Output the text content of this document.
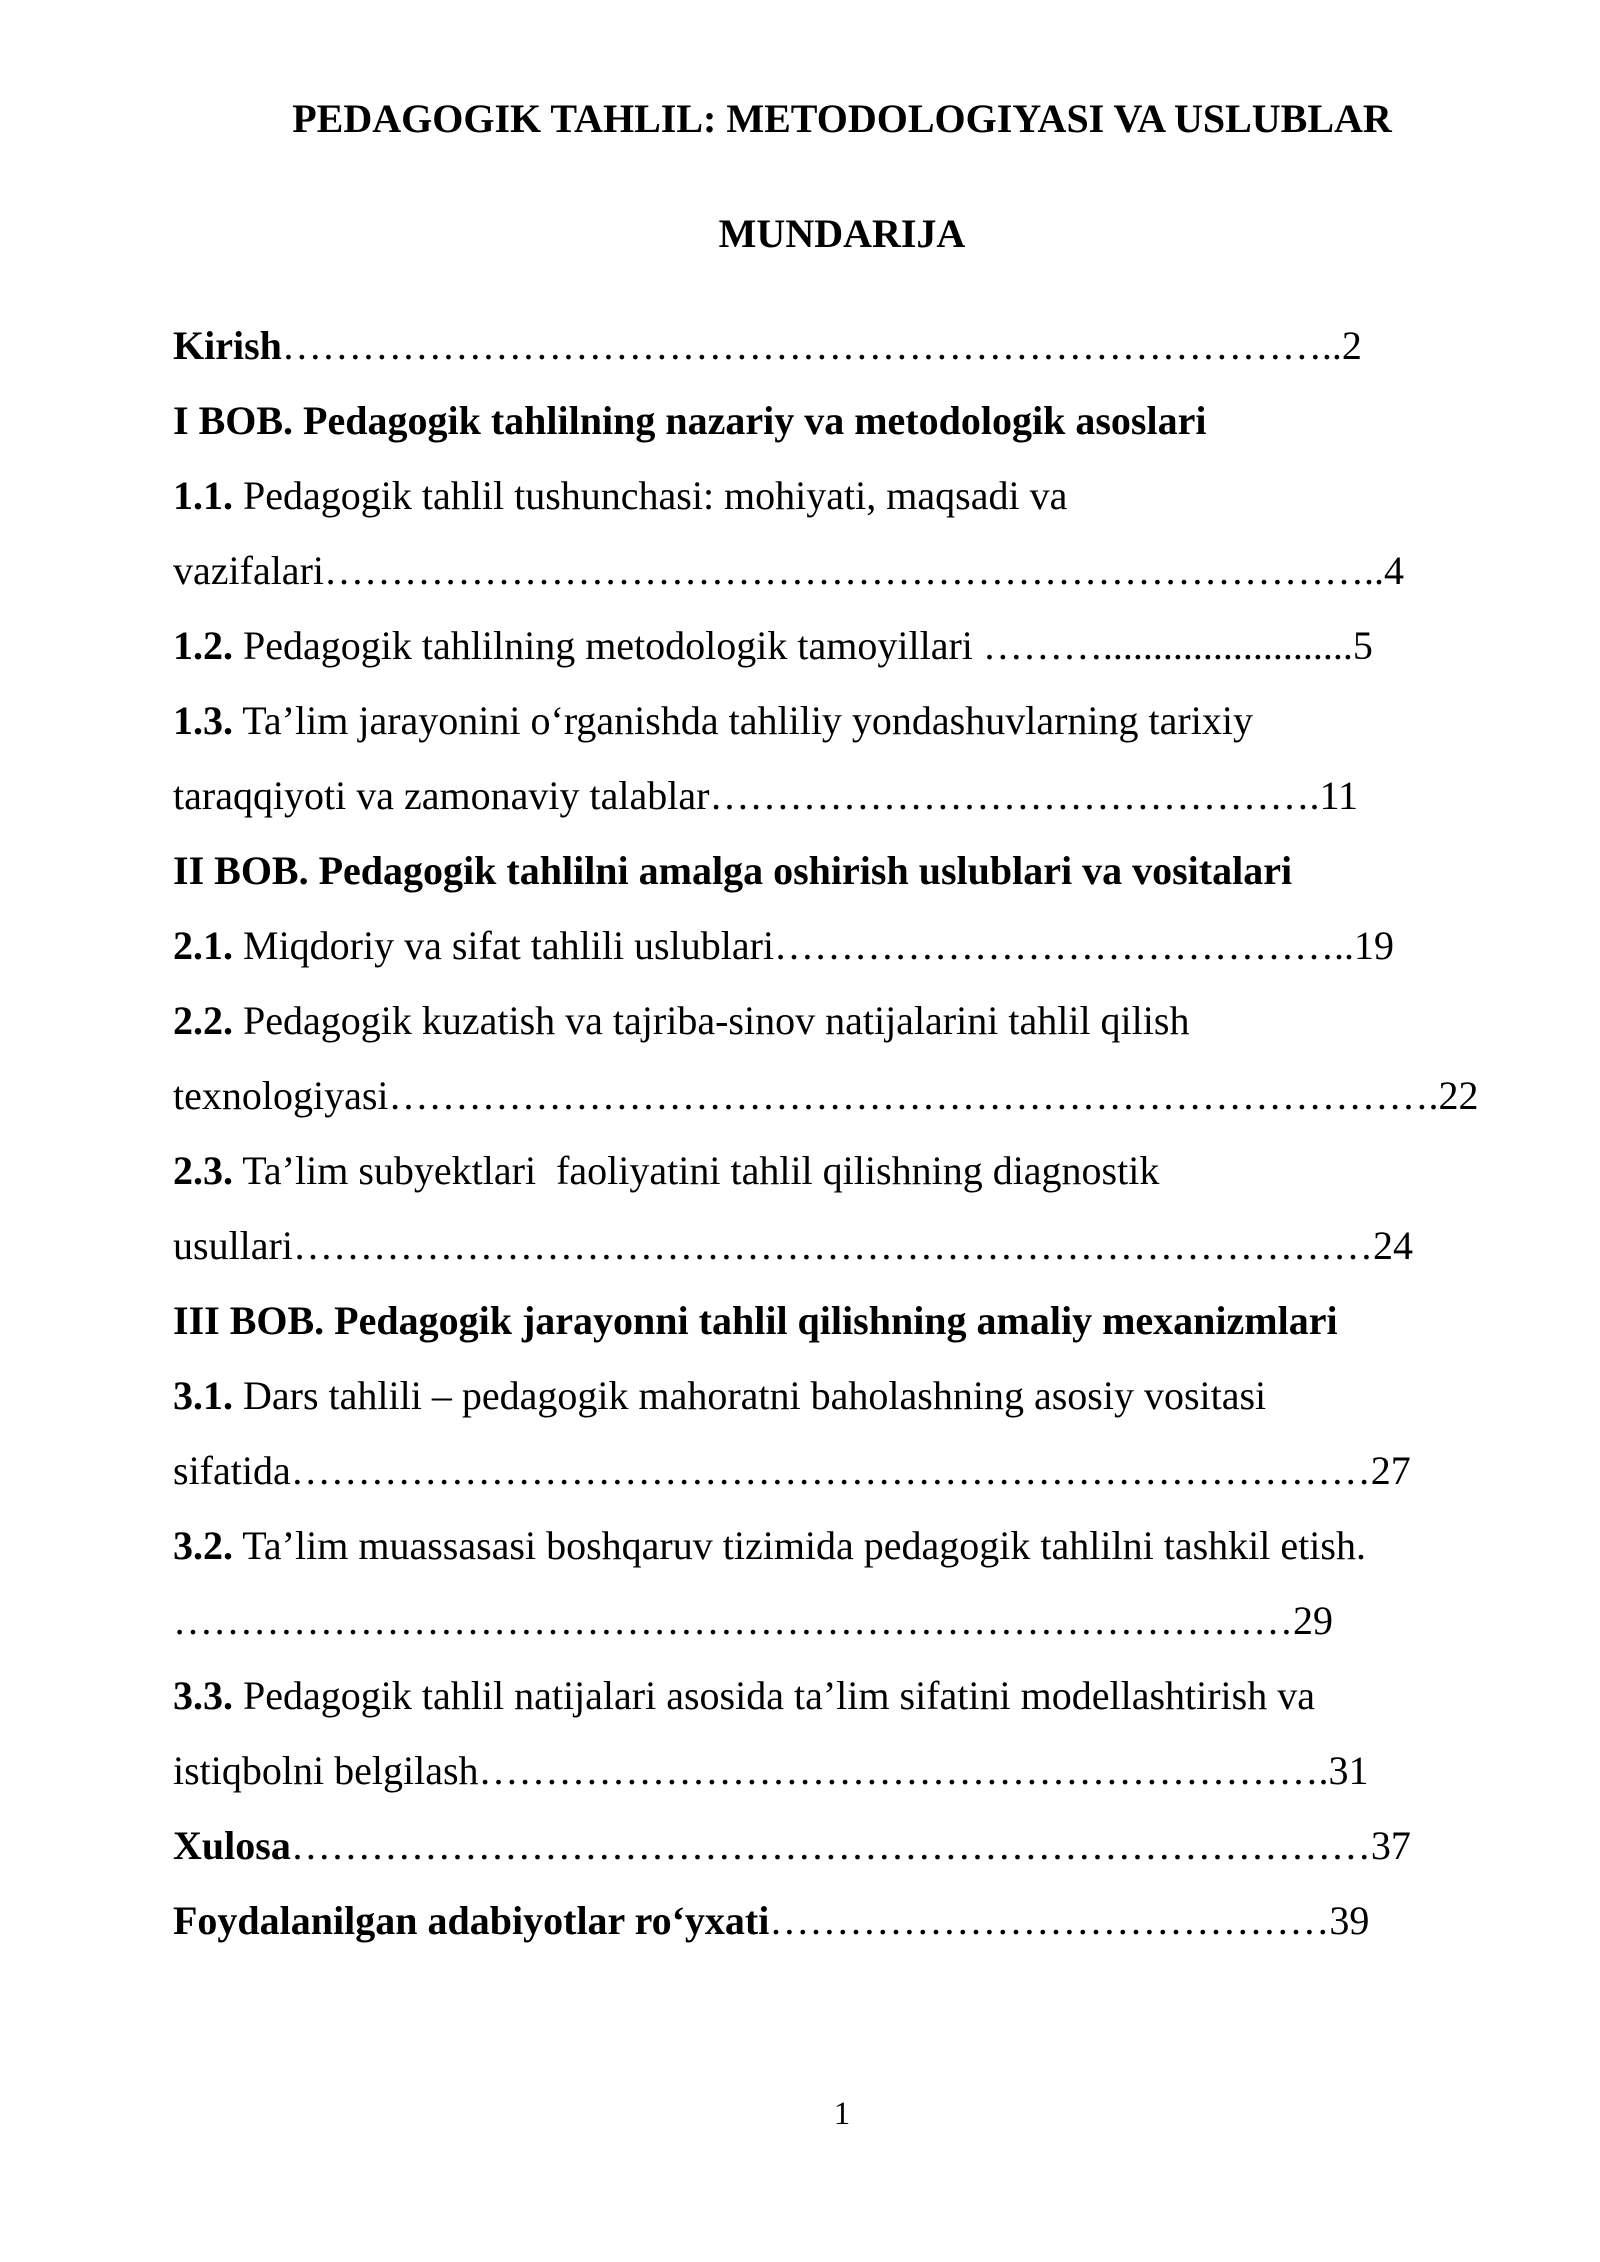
PEDAGOGIK TAHLIL: METODOLOGIYASI VA USLUBLAR
MUNDARIJA
Kirish……………………………………………………………………..2
I BOB. Pedagogik tahlilning nazariy va metodologik asoslari
1.1. Pedagogik tahlil tushunchasi: mohiyati, maqsadi va
vazifalari……………………………………………………………………..4
1.2. Pedagogik tahlilning metodologik tamoyillari ……….........................5
1.3. Ta’lim jarayonini o‘rganishda tahliliy yondashuvlarning tarixiy
taraqqiyoti va zamonaviy talablar……………………………………….11
II BOB. Pedagogik tahlilni amalga oshirish uslublari va vositalari
2.1. Miqdoriy va sifat tahlili uslublari……………………………………..19
2.2. Pedagogik kuzatish va tajriba-sinov natijalarini tahlil qilish
texnologiyasi…………………………………………………………………….22
2.3. Ta’lim subyektlari  faoliyatini tahlil qilishning diagnostik
usullari………………………………………………………………………24
III BOB. Pedagogik jarayonni tahlil qilishning amaliy mexanizmlari
3.1. Dars tahlili – pedagogik mahoratni baholashning asosiy vositasi
sifatida………………………………………………………………………27
3.2. Ta’lim muassasasi boshqaruv tizimida pedagogik tahlilni tashkil etish.
…………………………………………………………………………29
3.3. Pedagogik tahlil natijalari asosida ta’lim sifatini modellashtirish va
istiqbolni belgilash……………………………………………………….31
Xulosa………………………………………………………………………37
Foydalanilgan adabiyotlar ro‘yxati……………………………………39
1
